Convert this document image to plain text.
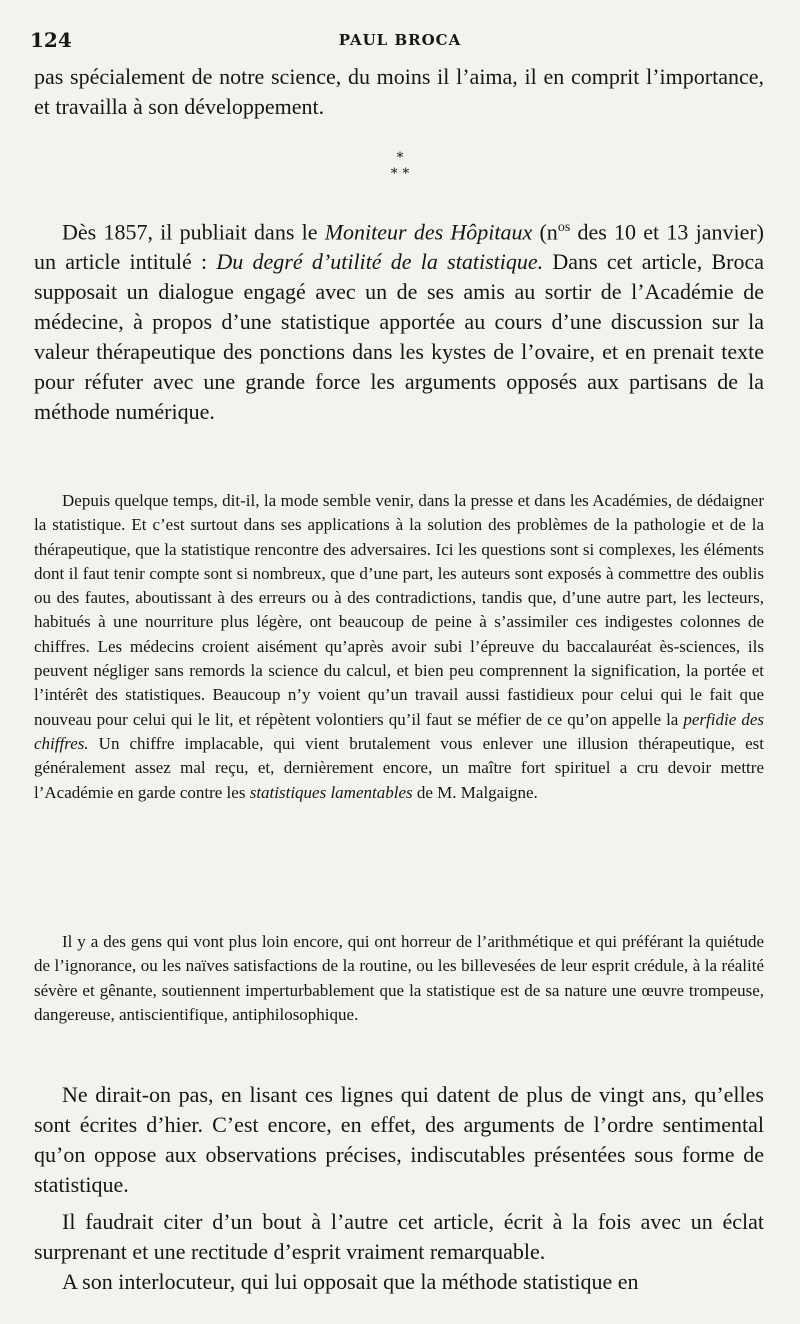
124	PAUL BROCA

pas spécialement de notre science, du moins il l’aima, il en comprit l’importance, et travailla à son développement.

*
* *

Dès 1857, il publiait dans le Moniteur des Hôpitaux ($n^{os}$ des 10 et 13 janvier) un article intitulé : Du degré d’utilité de la statistique. Dans cet article, Broca supposait un dialogue engagé avec un de ses amis au sortir de l’Académie de médecine, à propos d’une statistique apportée au cours d’une discussion sur la valeur thérapeutique des ponctions dans les kystes de l’ovaire, et en prenait texte pour réfuter avec une grande force les arguments opposés aux partisans de la méthode numérique.

Depuis quelque temps, dit-il, la mode semble venir, dans la presse et dans les Académies, de dédaigner la statistique. Et c’est surtout dans ses applications à la solution des problèmes de la pathologie et de la thérapeutique, que la statistique rencontre des adversaires. Ici les questions sont si complexes, les éléments dont il faut tenir compte sont si nombreux, que d’une part, les auteurs sont exposés à commettre des oublis ou des fautes, aboutissant à des erreurs ou à des contradictions, tandis que, d’une autre part, les lecteurs, habitués à une nourriture plus légère, ont beaucoup de peine à s’assimiler ces indigestes colonnes de chiffres. Les médecins croient aisément qu’après avoir subi l’épreuve du baccalauréat ès-sciences, ils peuvent négliger sans remords la science du calcul, et bien peu comprennent la signification, la portée et l’intérêt des statistiques. Beaucoup n’y voient qu’un travail aussi fastidieux pour celui qui le fait que nouveau pour celui qui le lit, et répètent volontiers qu’il faut se méfier de ce qu’on appelle la perfidie des chiffres. Un chiffre implacable, qui vient brutalement vous enlever une illusion thérapeutique, est généralement assez mal reçu, et, dernièrement encore, un maître fort spirituel a cru devoir mettre l’Académie en garde contre les statistiques lamentables de M. Malgaigne.

Il y a des gens qui vont plus loin encore, qui ont horreur de l’arithmétique et qui préférant la quiétude de l’ignorance, ou les naïves satisfactions de la routine, ou les billevesées de leur esprit crédule, à la réalité sévère et gênante, soutiennent imperturbablement que la statistique est de sa nature une œuvre trompeuse, dangereuse, antiscientifique, antiphilosophique.

Ne dirait-on pas, en lisant ces lignes qui datent de plus de vingt ans, qu’elles sont écrites d’hier. C’est encore, en effet, des arguments de l’ordre sentimental qu’on oppose aux observations précises, indiscutables présentées sous forme de statistique.

Il faudrait citer d’un bout à l’autre cet article, écrit à la fois avec un éclat surprenant et une rectitude d’esprit vraiment remarquable.

A son interlocuteur, qui lui opposait que la méthode statistique en
